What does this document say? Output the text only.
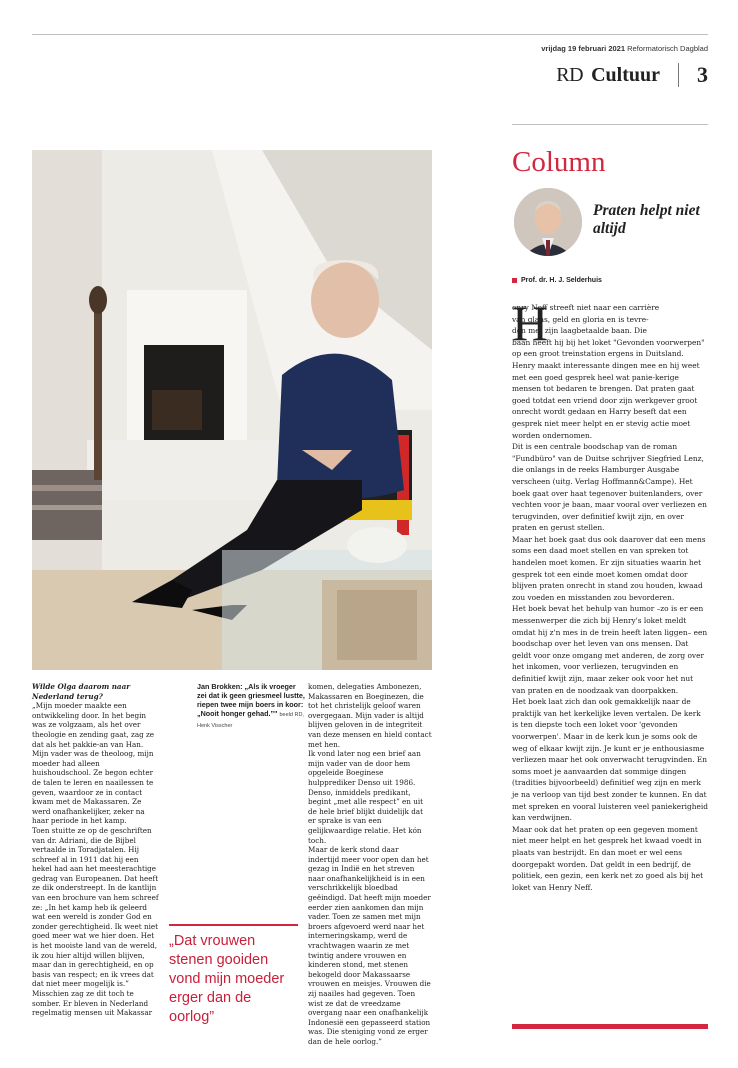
vrijdag 19 februari 2021 Reformatorisch Dagblad
RD Cultuur 3
Jan Brokken: „Als ik vroeger zei dat ik geen griesmeel lustte, riepen twee mijn boers in koor: „Nooit honger gehad.”" beeld RD, Henk Visscher
Wilde Olga daarom naar Nederland terug?
„Mijn moeder maakte een ontwikkeling door. In het begin was ze volgzaam, als het over theologie en zending gaat, zag ze dat als het pakkie-an van Han. Mijn vader was de theoloog, mijn moeder had alleen huishoudschool. Ze begon echter de talen te leren en naailessen te geven, waardoor ze in contact kwam met de Makassaren. Ze werd onafhankelijker, zeker na haar periode in het kamp.
Toen stuitte ze op de geschriften van dr. Adriani, die de Bijbel vertaalde in Toradjatalen. Hij schreef al in 1911 dat hij een hekel had aan het meesterachtige gedrag van Europeanen. Dat heeft ze dik onderstreept. In de kantlijn van een brochure van hem schreef ze: „In het kamp heb ik geleerd wat een wereld is zonder God en zonder gerechtigheid. Ik weet niet goed meer wat we hier doen. Het is het mooiste land van de wereld, ik zou hier altijd willen blijven, maar dan in gerechtigheid, en op basis van respect; en ik vrees dat dat niet meer mogelijk is.”
Misschien zag ze dit toch te somber. Er bleven in Nederland regelmatig mensen uit Makassar
komen, delegaties Ambonezen, Makassaren en Boeginezen, die tot het christelijk geloof waren overgegaan. Mijn vader is altijd blijven geloven in de integriteit van deze mensen en hield contact met hen.
Ik vond later nog een brief aan mijn vader van de door hem opgeleide Boeginese hulpprediker Denso uit 1986. Denso, inmiddels predikant, begint „met alle respect” en uit de hele brief blijkt duidelijk dat er sprake is van een gelijkwaardige relatie. Het kón toch.
Maar de kerk stond daar indertijd meer voor open dan het gezag in Indië en het streven naar onafhankelijkheid is in een verschrikkelijk bloedbad geëindigd. Dat heeft mijn moeder eerder zien aankomen dan mijn vader. Toen ze samen met mijn broers afgevoerd werd naar het interneringskamp, werd de vrachtwagen waarin ze met twintig andere vrouwen en kinderen stond, met stenen bekogeld door Makassaarse vrouwen en meisjes. Vrouwen die zij naailes had gegeven. Toen wist ze dat de vreedzame overgang naar een onafhankelijk Indonesië een gepasseerd station was. Die steniging vond ze erger dan de hele oorlog.”
„Dat vrouwen stenen gooiden vond mijn moeder erger dan de oorlog”
Column
Praten helpt niet altijd
Prof. dr. H. J. Selderhuis
H
enry Neff streeft niet naar een carrière
van glans, geld en gloria en is tevre-
den met zijn laagbetaalde baan. Die
baan heeft hij bij het loket "Gevonden voorwerpen" op een groot treinstation ergens in Duitsland. Henry maakt interessante dingen mee en hij weet met een goed gesprek heel wat panie-kerige mensen tot bedaren te brengen. Dat praten gaat goed totdat een vriend door zijn werkgever groot onrecht wordt gedaan en Harry beseft dat een gesprek niet meer helpt en er stevig actie moet worden ondernomen.
Dit is een centrale boodschap van de roman "Fundbüro" van de Duitse schrijver Siegfried Lenz, die onlangs in de reeks Hamburger Ausgabe verscheen (uitg. Verlag Hoffmann&Campe). Het boek gaat over haat tegenover buitenlanders, over vechten voor je baan, maar vooral over verliezen en terugvinden, over definitief kwijt zijn, en over praten en gerust stellen.
Maar het boek gaat dus ook daarover dat een mens soms een daad moet stellen en van spreken tot handelen moet komen. Er zijn situaties waarin het gesprek tot een einde moet komen omdat door blijven praten onrecht in stand zou houden, kwaad zou voeden en misstanden zou bevorderen.
Het boek bevat het behulp van humor –zo is er een messenwerper die zich bij Henry's loket meldt omdat hij z'n mes in de trein heeft laten liggen– een boodschap over het leven van ons mensen. Dat geldt voor onze omgang met anderen, de zorg over het inkomen, voor verliezen, terugvinden en definitief kwijt zijn, maar zeker ook voor het nut van praten en de noodzaak van doorpakken.
Het boek laat zich dan ook gemakkelijk naar de praktijk van het kerkelijke leven vertalen. De kerk is ten diepste toch een loket voor 'gevonden voorwerpen'. Maar in de kerk kun je soms ook de weg of elkaar kwijt zijn. Je kunt er je enthousiasme verliezen maar het ook onverwacht terugvinden. En soms moet je aanvaarden dat sommige dingen (tradities bijvoorbeeld) definitief weg zijn en merk je na verloop van tijd best zonder te kunnen. En dat met spreken en vooral luisteren veel paniekerigheid kan verdwijnen.
Maar ook dat het praten op een gegeven moment niet meer helpt en het gesprek het kwaad voedt in plaats van bestrijdt. En dan moet er wel eens doorgepakt worden. Dat geldt in een bedrijf, de politiek, een gezin, een kerk net zo goed als bij het loket van Henry Neff.
